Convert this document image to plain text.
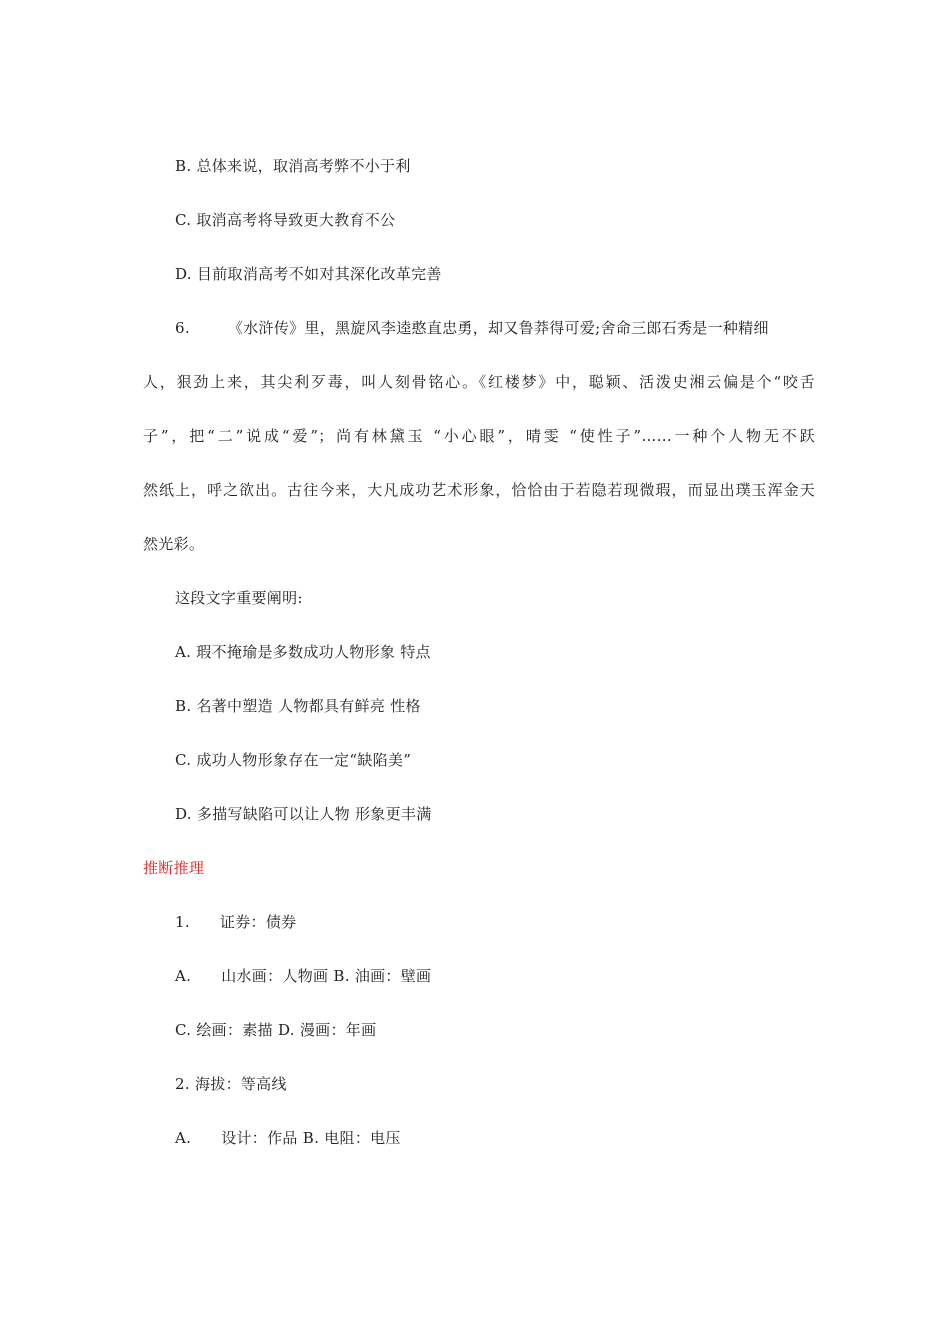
B. 总体来说，取消高考弊不小于利
C. 取消高考将导致更大教育不公
D. 目前取消高考不如对其深化改革完善
6.	《水浒传》里，黑旋风李逵憨直忠勇，却又鲁莽得可爱;舍命三郎石秀是一种精细
人，狠劲上来，其尖利歹毒，叫人刻骨铭心。《红楼梦》中，聪颖、活泼史湘云偏是个“咬舌
子”，把“二”说成“爱”；尚有林黛玉 “小心眼”，晴雯 “使性子”……一种个人物无不跃
然纸上，呼之欲出。古往今来，大凡成功艺术形象，恰恰由于若隐若现微瑕，而显出璞玉浑金天
然光彩。
这段文字重要阐明:
A. 瑕不掩瑜是多数成功人物形象 特点
B. 名著中塑造 人物都具有鲜亮 性格
C. 成功人物形象存在一定“缺陷美”
D. 多描写缺陷可以让人物 形象更丰满
推断推理
1. 证券：债券
A. 山水画：人物画 B. 油画：壁画
C. 绘画：素描 D. 漫画：年画
2. 海拔：等高线
A. 设计：作品 B. 电阻：电压
